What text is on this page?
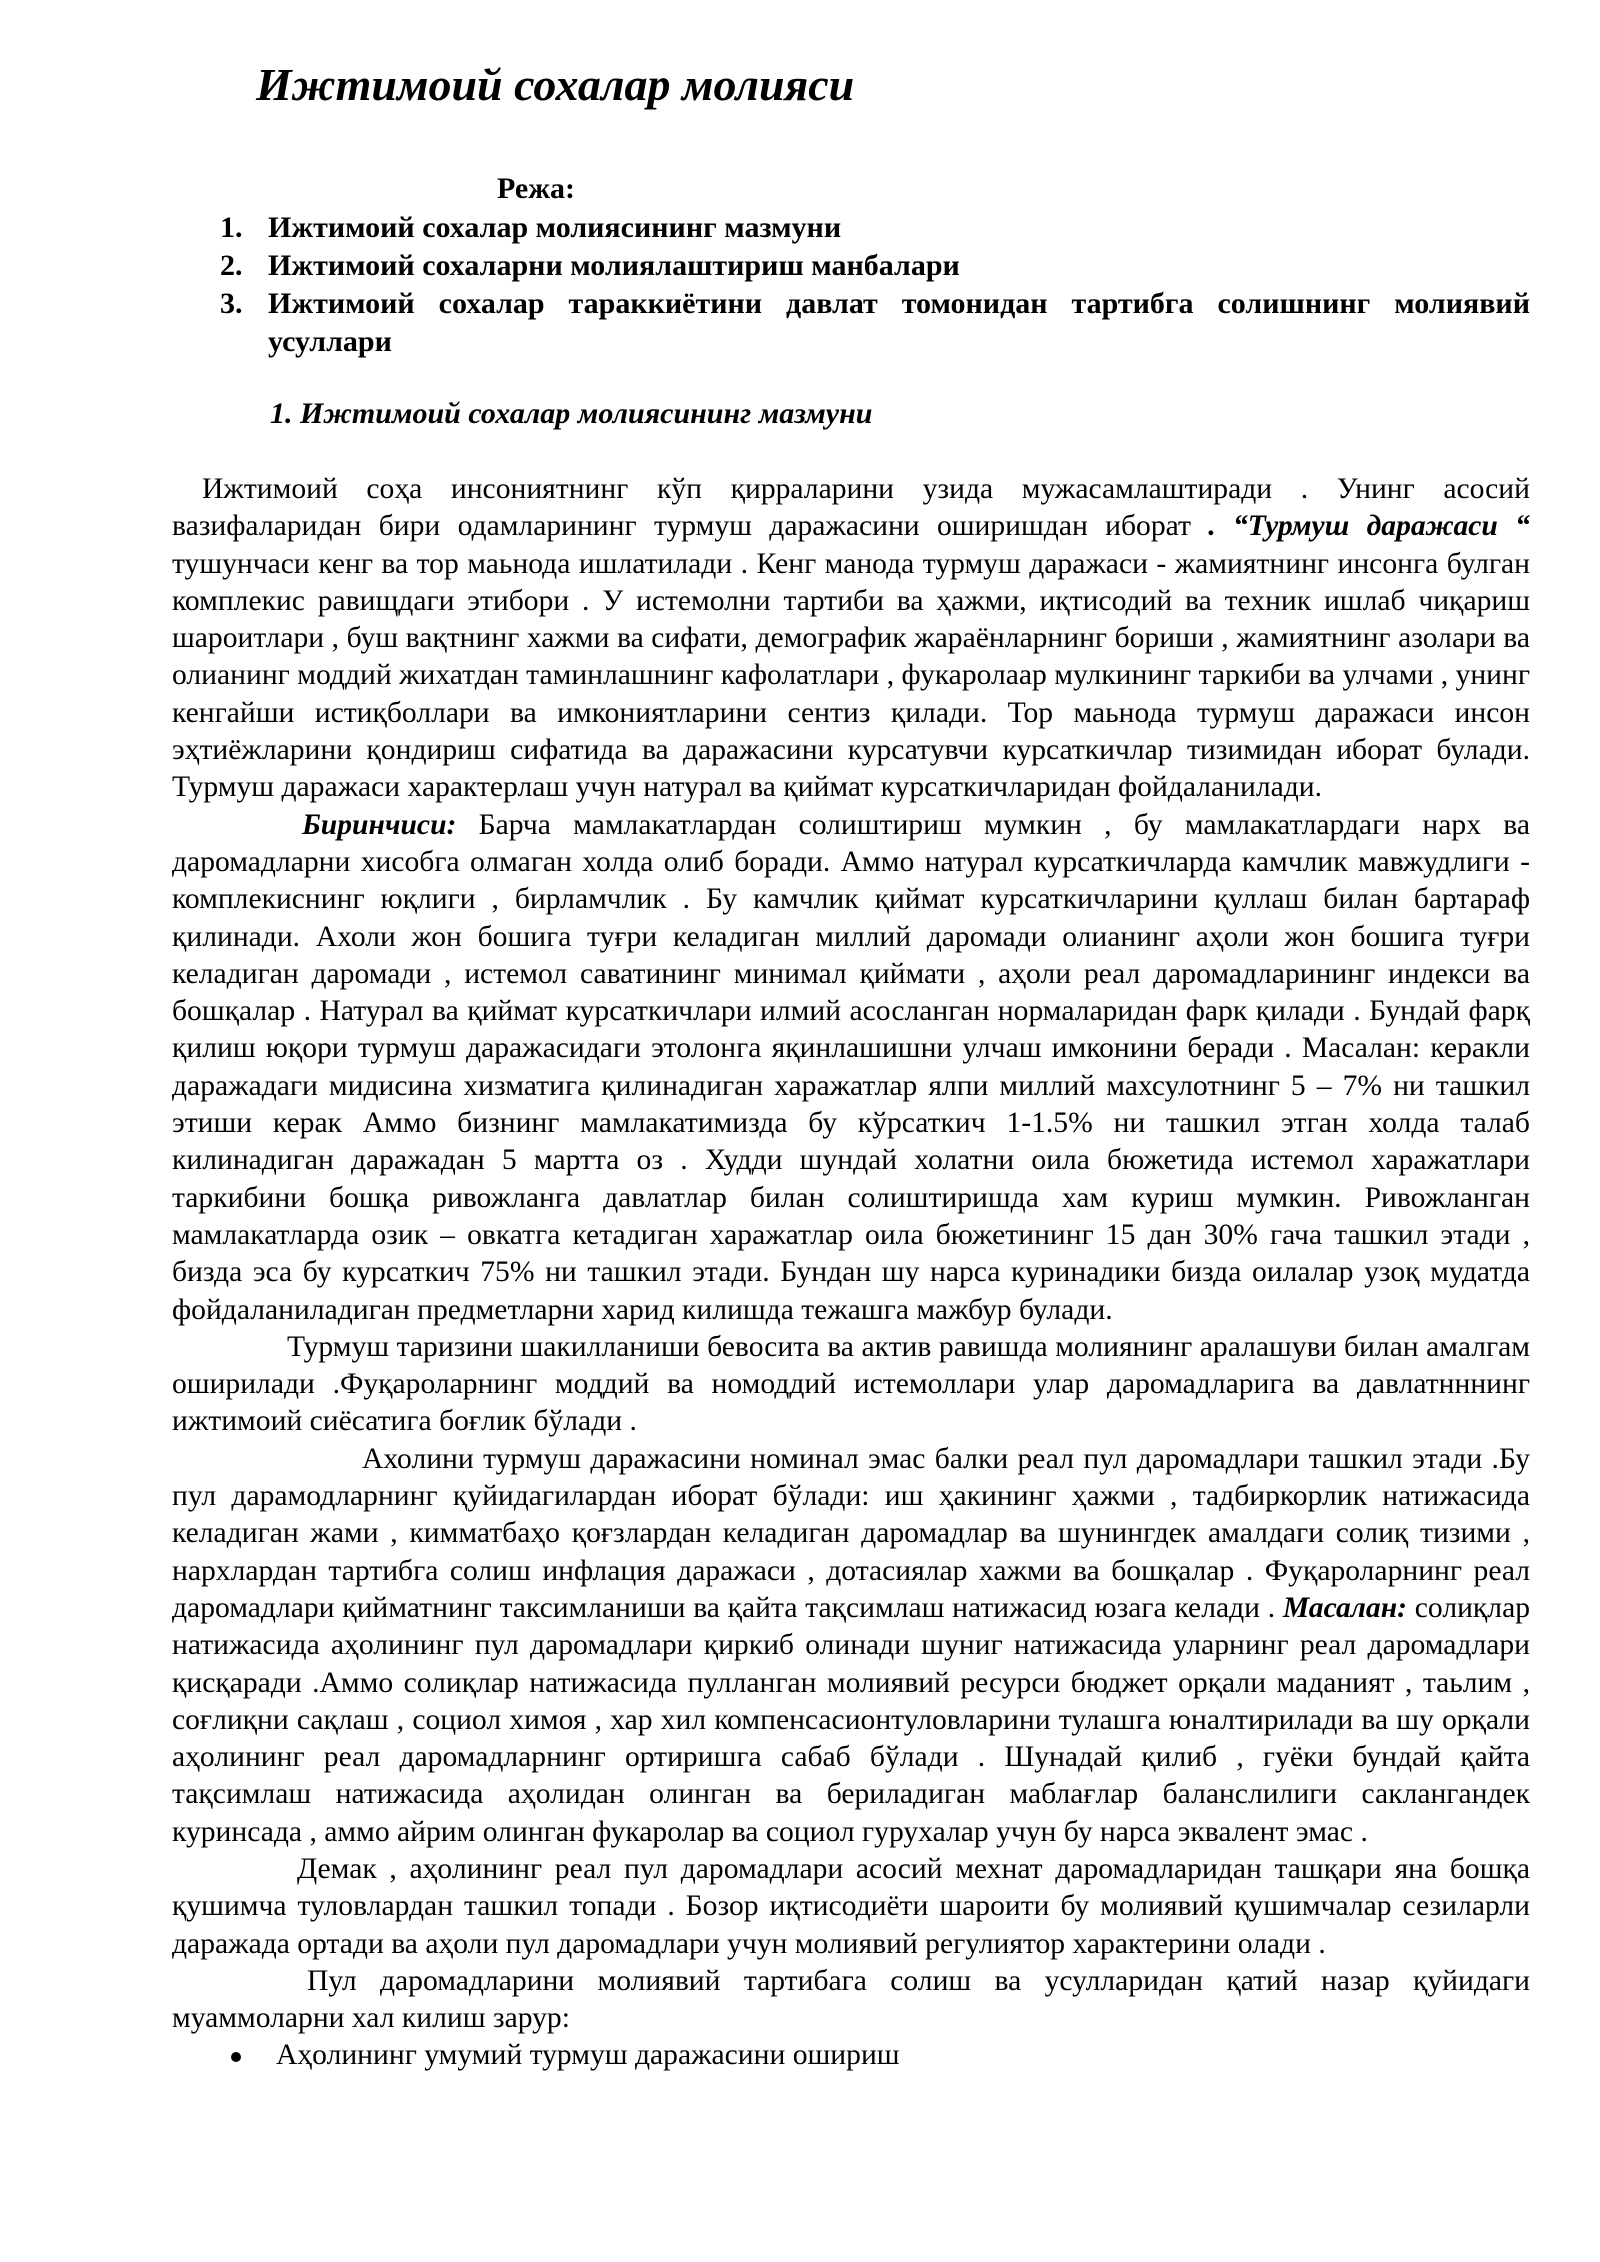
Ижтимоий сохалар молияси
Режа:
1. Ижтимоий сохалар молиясининг мазмуни
2. Ижтимоий сохаларни молиялаштириш манбалари
3. Ижтимоий сохалар тараккиётини давлат томонидан тартибга солишнинг молиявий усуллари
1. Ижтимоий сохалар молиясининг мазмуни

Ижтимоий соҳа инсониятнинг кўп қирраларини узида мужасамлаштиради . Унинг асосий вазифаларидан бири одамларининг турмуш даражасини оширишдан иборат . “Турмуш даражаси “ тушунчаси кенг ва тор маьнода ишлатилади . Кенг манода турмуш даражаси - жамиятнинг инсонга булган комплекис равищдаги этибори . У истемолни тартиби ва ҳажми, иқтисодий ва техник ишлаб чиқариш шароитлари , буш вақтнинг хажми ва сифати, демографик жараёнларнинг бориши , жамиятнинг азолари ва олианинг моддий жихатдан таминлашнинг кафолатлари , фукаролаар мулкининг таркиби ва улчами , унинг кенгайши истиқболлари ва имкониятларини сентиз қилади. Тор маьнода турмуш даражаси инсон эҳтиёжларини қондириш сифатида ва даражасини курсатувчи курсаткичлар тизимидан иборат булади. Турмуш даражаси характерлаш учун натурал ва қиймат курсаткичларидан фойдаланилади.

Биринчиси: Барча мамлакатлардан солиштириш мумкин , бу мамлакатлардаги нарх ва даромадларни хисобга олмаган холда олиб боради. Аммо натурал курсаткичларда камчлик мавжудлиги - комплекиснинг юқлиги , бирламчлик . Бу камчлик қиймат курсаткичларини қуллаш билан бартараф қилинади. Ахоли жон бошига туғри келадиган миллий даромади олианинг аҳоли жон бошига туғри келадиган даромади , истемол саватининг минимал қиймати , аҳоли реал даромадларининг индекси ва бошқалар . Натурал ва қиймат курсаткичлари илмий асосланган нормаларидан фарк қилади . Бундай фарқ қилиш юқори турмуш даражасидаги этолонга яқинлашишни улчаш имконини беради . Масалан: керакли даражадаги мидисина хизматига қилинадиган харажатлар ялпи миллий махсулотнинг 5 – 7% ни ташкил этиши керак Аммо бизнинг мамлакатимизда бу кўрсаткич 1-1.5% ни ташкил этган холда талаб килинадиган даражадан 5 мартта оз . Худди шундай холатни оила бюжетида истемол харажатлари таркибини бошқа ривожланга давлатлар билан солиштиришда хам куриш мумкин. Ривожланган мамлакатларда озик – овкатга кетадиган харажатлар оила бюжетининг 15 дан 30% гача ташкил этади , бизда эса бу курсаткич 75% ни ташкил этади. Бундан шу нарса куринадики бизда оилалар узоқ мудатда фойдаланиладиган предметларни харид килишда тежашга мажбур булади.

Турмуш таризини шакилланиши бевосита ва актив равишда молиянинг аралашуви билан амалгам оширилади .Фуқароларнинг моддий ва номоддий истемоллари улар даромадларига ва давлатнннинг ижтимоий сиёсатига боғлик бўлади .

Ахолини турмуш даражасини номинал эмас балки реал пул даромадлари ташкил этади .Бу пул дарамодларнинг қуйидагилардан иборат бўлади: иш ҳакининг ҳажми , тадбиркорлик натижасида келадиган жами , кимматбаҳо қоғзлардан келадиган даромадлар ва шунингдек амалдаги солиқ тизими , нархлардан тартибга солиш инфлация даражаси , дотасиялар хажми ва бошқалар . Фуқароларнинг реал даромадлари қийматнинг таксимланиши ва қайта тақсимлаш натижасид юзага келади . Масалан: солиқлар натижасида аҳолининг пул даромадлари қиркиб олинади шуниг натижасида уларнинг реал даромадлари қисқаради .Аммо солиқлар натижасида пулланган молиявий ресурси бюджет орқали маданият , таьлим , соғлиқни сақлаш , социол химоя , хар хил компенсасионтуловларини тулашга юналтирилади ва шу орқали аҳолининг реал даромадларнинг ортиришга сабаб бўлади . Шунадай қилиб , гуёки бундай қайта тақсимлаш натижасида аҳолидан олинган ва бериладиган маблағлар баланслилиги саклангандек куринсада , аммо айрим олинган фукаролар ва социол гурухалар учун бу нарса эквалент эмас .

Демак , аҳолининг реал пул даромадлари асосий мехнат даромадларидан ташқари яна бошқа қушимча туловлардан ташкил топади . Бозор иқтисодиёти шароити бу молиявий қушимчалар сезиларли даражада ортади ва аҳоли пул даромадлари учун молиявий регулиятор характерини олади .

Пул даромадларини молиявий тартибага солиш ва усулларидан қатий назар қуйидаги муаммоларни хал килиш зарур:

Аҳолининг умумий турмуш даражасини ошириш
